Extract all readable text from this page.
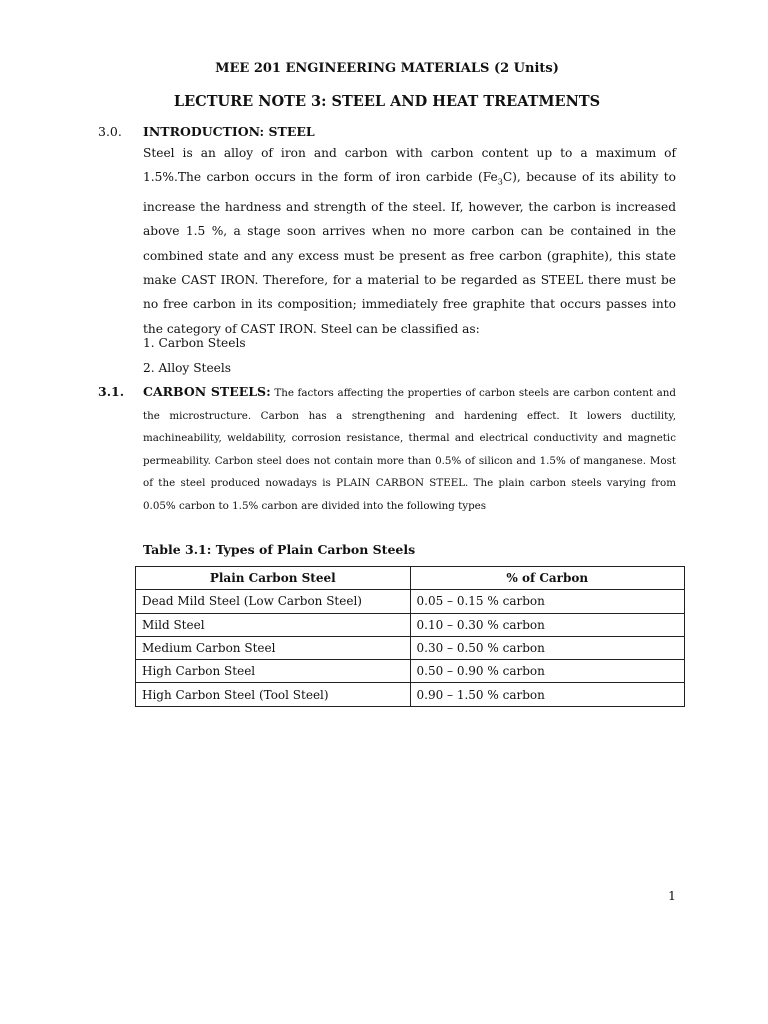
MEE 201 ENGINEERING MATERIALS (2 Units)
LECTURE NOTE 3: STEEL AND HEAT TREATMENTS
3.0. INTRODUCTION: STEEL

Steel is an alloy of iron and carbon with carbon content up to a maximum of 1.5%.The carbon occurs in the form of iron carbide $(Fe_3C)$, because of its ability to increase the hardness and strength of the steel. If, however, the carbon is increased above 1.5 %, a stage soon arrives when no more carbon can be contained in the combined state and any excess must be present as free carbon (graphite), this state make CAST IRON. Therefore, for a material to be regarded as STEEL there must be no free carbon in its composition; immediately free graphite that occurs passes into the category of CAST IRON. Steel can be classified as:

1. Carbon Steels
2. Alloy Steels
3.1. CARBON STEELS: The factors affecting the properties of carbon steels are carbon content and the microstructure. Carbon has a strengthening and hardening effect. It lowers ductility, machineability, weldability, corrosion resistance, thermal and electrical conductivity and magnetic permeability. Carbon steel does not contain more than 0.5% of silicon and 1.5% of manganese. Most of the steel produced nowadays is PLAIN CARBON STEEL. The plain carbon steels varying from 0.05% carbon to 1.5% carbon are divided into the following types

Table 3.1: Types of Plain Carbon Steels
Plain Carbon Steel	% of Carbon
Dead Mild Steel (Low Carbon Steel)	0.05 – 0.15 % carbon
Mild Steel	0.10 – 0.30 % carbon
Medium Carbon Steel	0.30 – 0.50 % carbon
High Carbon Steel	0.50 – 0.90 % carbon
High Carbon Steel (Tool Steel)	0.90 – 1.50 % carbon
1
